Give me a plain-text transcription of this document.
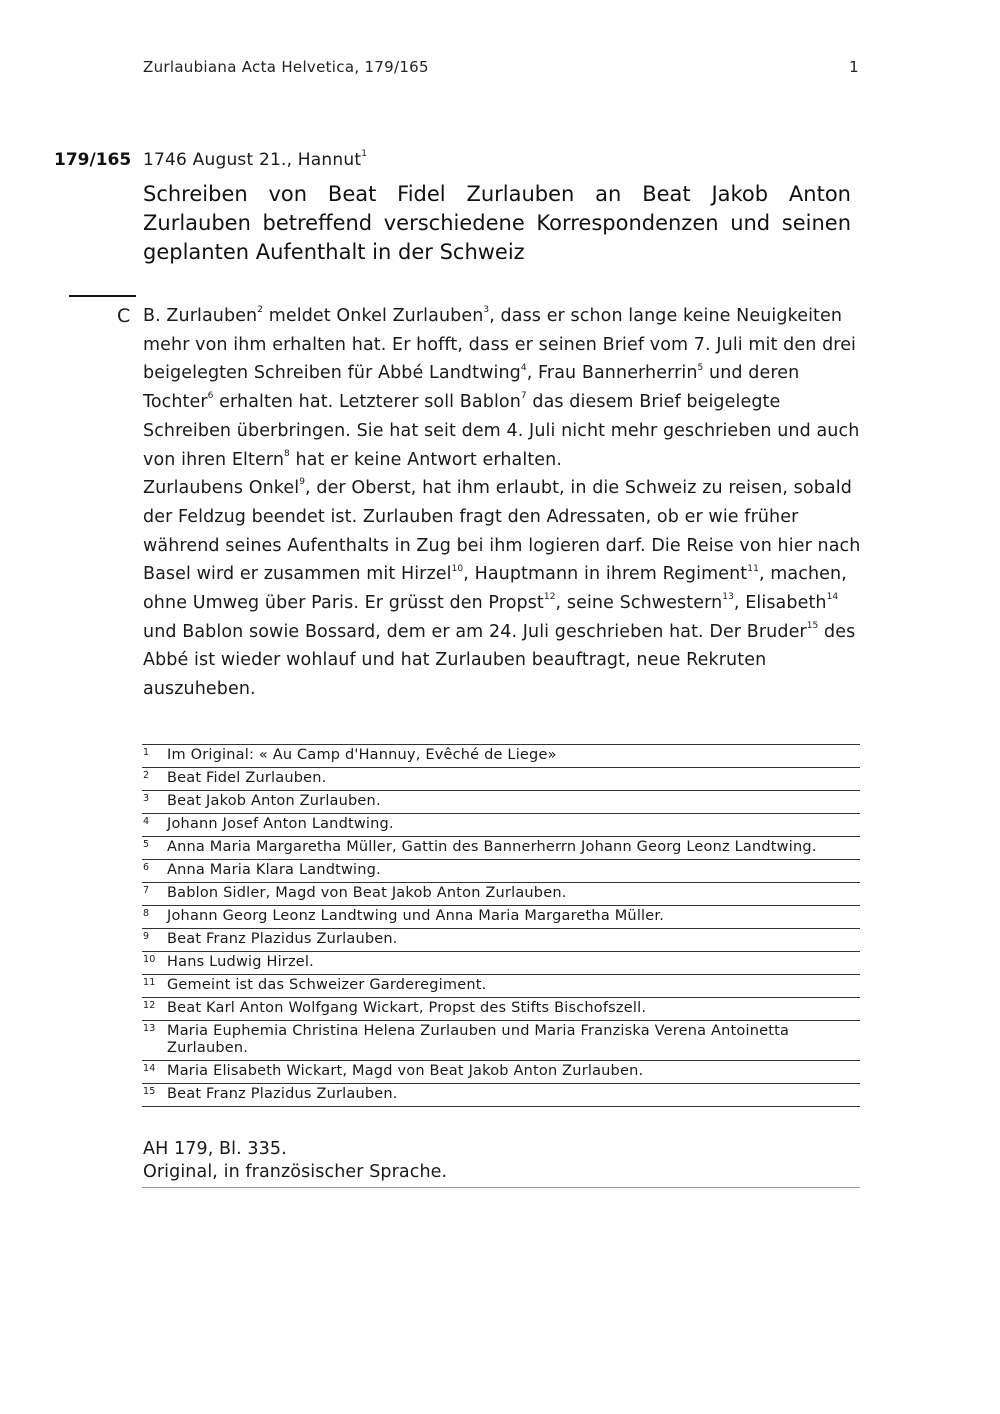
Zurlaubiana Acta Helvetica, 179/165	1
179/165 1746 August 21., Hannut$^1$
Schreiben von Beat Fidel Zurlauben an Beat Jakob Anton Zurlauben betreffend verschiedene Korrespondenzen und seinen geplanten Aufenthalt in der Schweiz
C B. Zurlauben$^2$ meldet Onkel Zurlauben$^3$, dass er schon lange keine Neuigkeiten mehr von ihm erhalten hat. Er hofft, dass er seinen Brief vom 7. Juli mit den drei beigelegten Schreiben für Abbé Landtwing$^4$, Frau Bannerherrin$^5$ und deren Tochter$^6$ erhalten hat. Letzterer soll Bablon$^7$ das diesem Brief beigelegte Schreiben überbringen. Sie hat seit dem 4. Juli nicht mehr geschrieben und auch von ihren Eltern$^8$ hat er keine Antwort erhalten.

Zurlaubens Onkel$^9$, der Oberst, hat ihm erlaubt, in die Schweiz zu reisen, sobald der Feldzug beendet ist. Zurlauben fragt den Adressaten, ob er wie früher während seines Aufenthalts in Zug bei ihm logieren darf. Die Reise von hier nach Basel wird er zusammen mit Hirzel$^{10}$, Hauptmann in ihrem Regiment$^{11}$, machen, ohne Umweg über Paris. Er grüsst den Propst$^{12}$, seine Schwestern$^{13}$, Elisabeth$^{14}$ und Bablon sowie Bossard, dem er am 24. Juli geschrieben hat. Der Bruder$^{15}$ des Abbé ist wieder wohlauf und hat Zurlauben beauftragt, neue Rekruten auszuheben.

1 Im Original: « Au Camp d'Hannuy, Evêché de Liege»
2 Beat Fidel Zurlauben.
3 Beat Jakob Anton Zurlauben.
4 Johann Josef Anton Landtwing.
5 Anna Maria Margaretha Müller, Gattin des Bannerherrn Johann Georg Leonz Landtwing.
6 Anna Maria Klara Landtwing.
7 Bablon Sidler, Magd von Beat Jakob Anton Zurlauben.
8 Johann Georg Leonz Landtwing und Anna Maria Margaretha Müller.
9 Beat Franz Plazidus Zurlauben.
10 Hans Ludwig Hirzel.
11 Gemeint ist das Schweizer Garderegiment.
12 Beat Karl Anton Wolfgang Wickart, Propst des Stifts Bischofszell.
13 Maria Euphemia Christina Helena Zurlauben und Maria Franziska Verena Antoinetta Zurlauben.
14 Maria Elisabeth Wickart, Magd von Beat Jakob Anton Zurlauben.
15 Beat Franz Plazidus Zurlauben.
AH 179, Bl. 335.
Original, in französischer Sprache.
